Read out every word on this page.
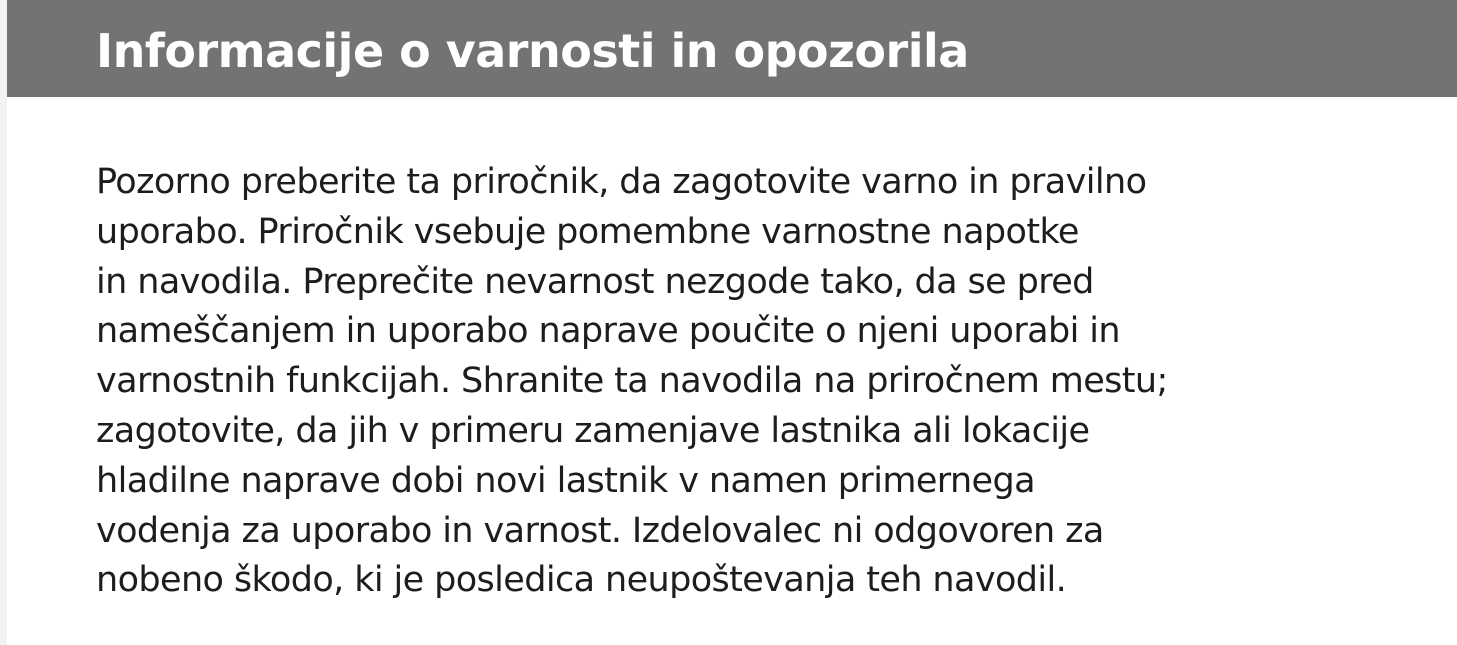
Informacije o varnosti in opozorila

Pozorno preberite ta priročnik, da zagotovite varno in pravilno
uporabo. Priročnik vsebuje pomembne varnostne napotke
in navodila. Preprečite nevarnost nezgode tako, da se pred
nameščanjem in uporabo naprave poučite o njeni uporabi in
varnostnih funkcijah. Shranite ta navodila na priročnem mestu;
zagotovite, da jih v primeru zamenjave lastnika ali lokacije
hladilne naprave dobi novi lastnik v namen primernega
vodenja za uporabo in varnost. Izdelovalec ni odgovoren za
nobeno škodo, ki je posledica neupoštevanja teh navodil.
